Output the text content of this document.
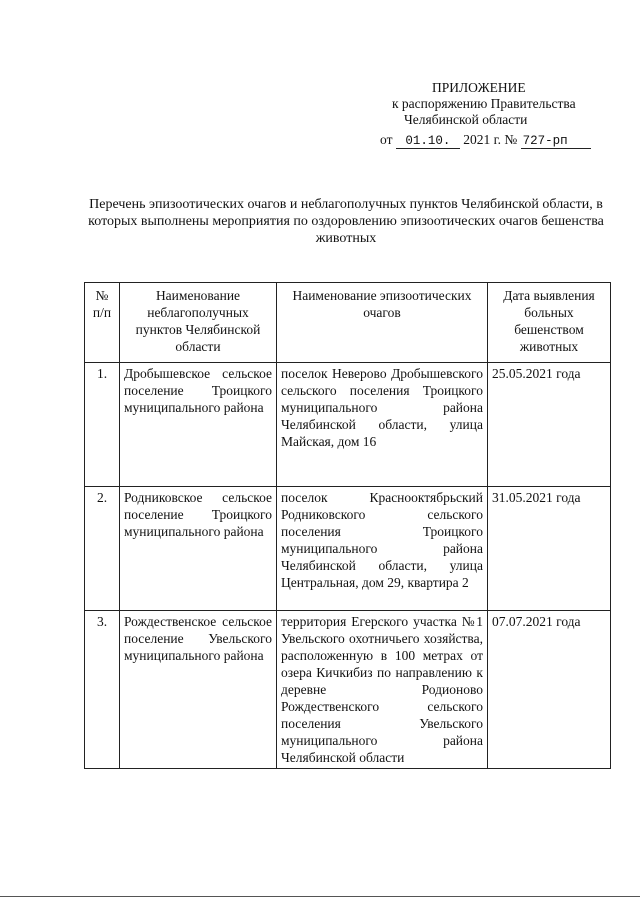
ПРИЛОЖЕНИЕ
к распоряжению Правительства
Челябинской области
от 01.10. 2021 г. № 727-рп
Перечень эпизоотических очагов и неблагополучных пунктов Челябинской области, в которых выполнены мероприятия по оздоровлению эпизоотических очагов бешенства животных
№ п/п	Наименование неблагополучных пунктов Челябинской области	Наименование эпизоотических очагов	Дата выявления больных бешенством животных
1.	Дробышевское сельское поселение Троицкого муниципального района	поселок Неверово Дробышевского сельского поселения Троицкого муниципального района Челябинской области, улица Майская, дом 16	25.05.2021 года
2.	Родниковское сельское поселение Троицкого муниципального района	поселок Краснооктябрьский Родниковского сельского поселения Троицкого муниципального района Челябинской области, улица Центральная, дом 29, квартира 2	31.05.2021 года
3.	Рождественское сельское поселение Увельского муниципального района	территория Егерского участка №1 Увельского охотничьего хозяйства, расположенную в 100 метрах от озера Кичкибиз по направлению к деревне Родионово Рождественского сельского поселения Увельского муниципального района Челябинской области	07.07.2021 года
